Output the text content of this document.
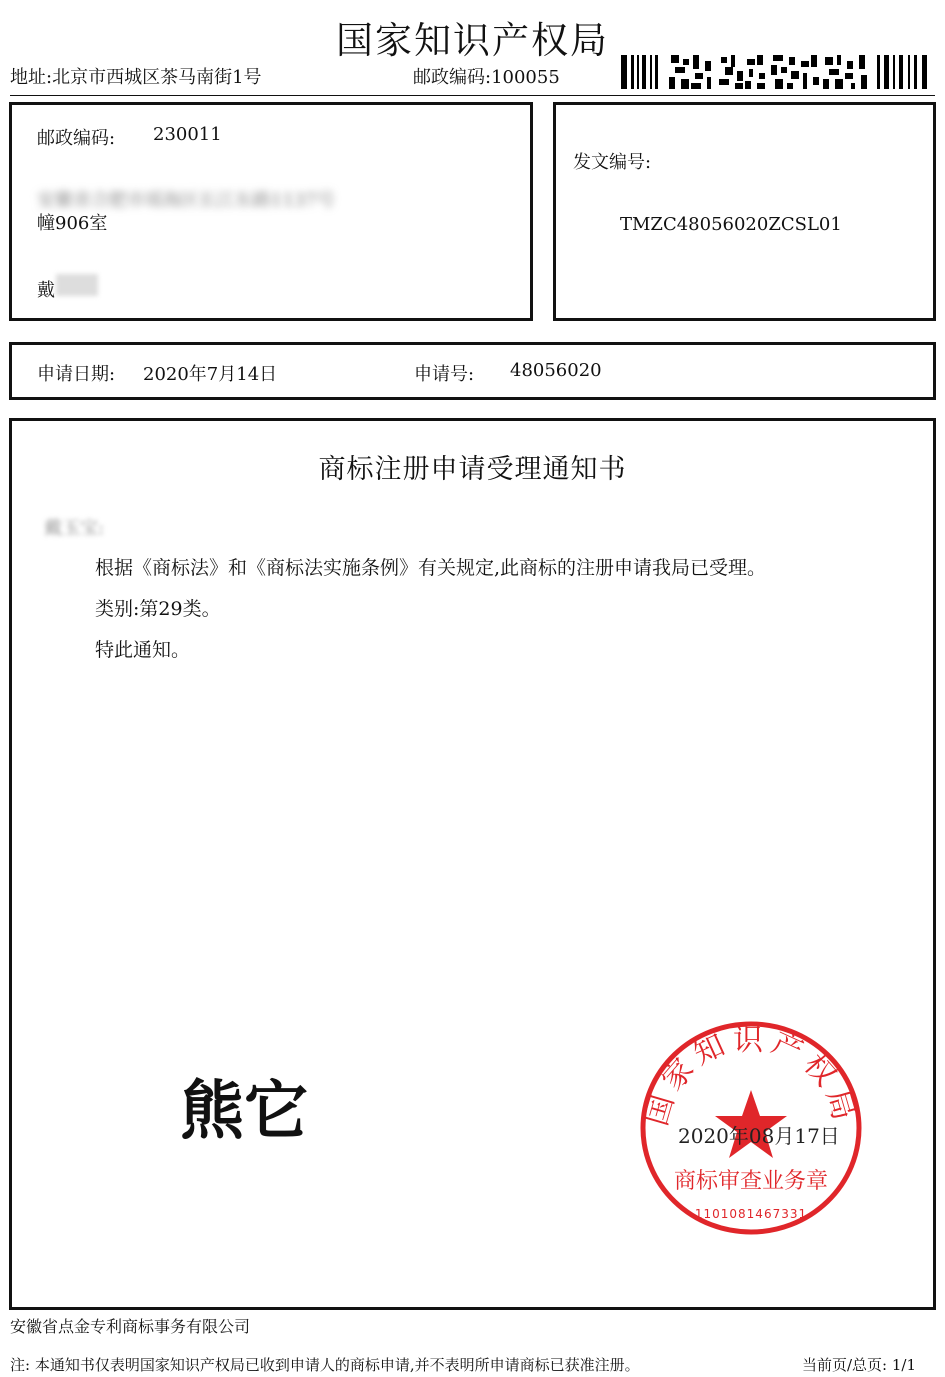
国家知识产权局
地址:北京市西城区茶马南街1号	邮政编码:100055
邮政编码: 230011
安徽省合肥市瑶海区长江东路1137号
幢906室
戴
发文编号:
TMZC48056020ZCSL01
申请日期: 2020年7月14日	申请号: 48056020
商标注册申请受理通知书
戴玉宝:
根据《商标法》和《商标法实施条例》有关规定,此商标的注册申请我局已受理。
类别:第29类。
特此通知。
熊它	国家知识产权局
商标审查业务章
1101081467331
2020年08月17日
安徽省点金专利商标事务有限公司
注: 本通知书仅表明国家知识产权局已收到申请人的商标申请,并不表明所申请商标已获准注册。	当前页/总页: 1/1
